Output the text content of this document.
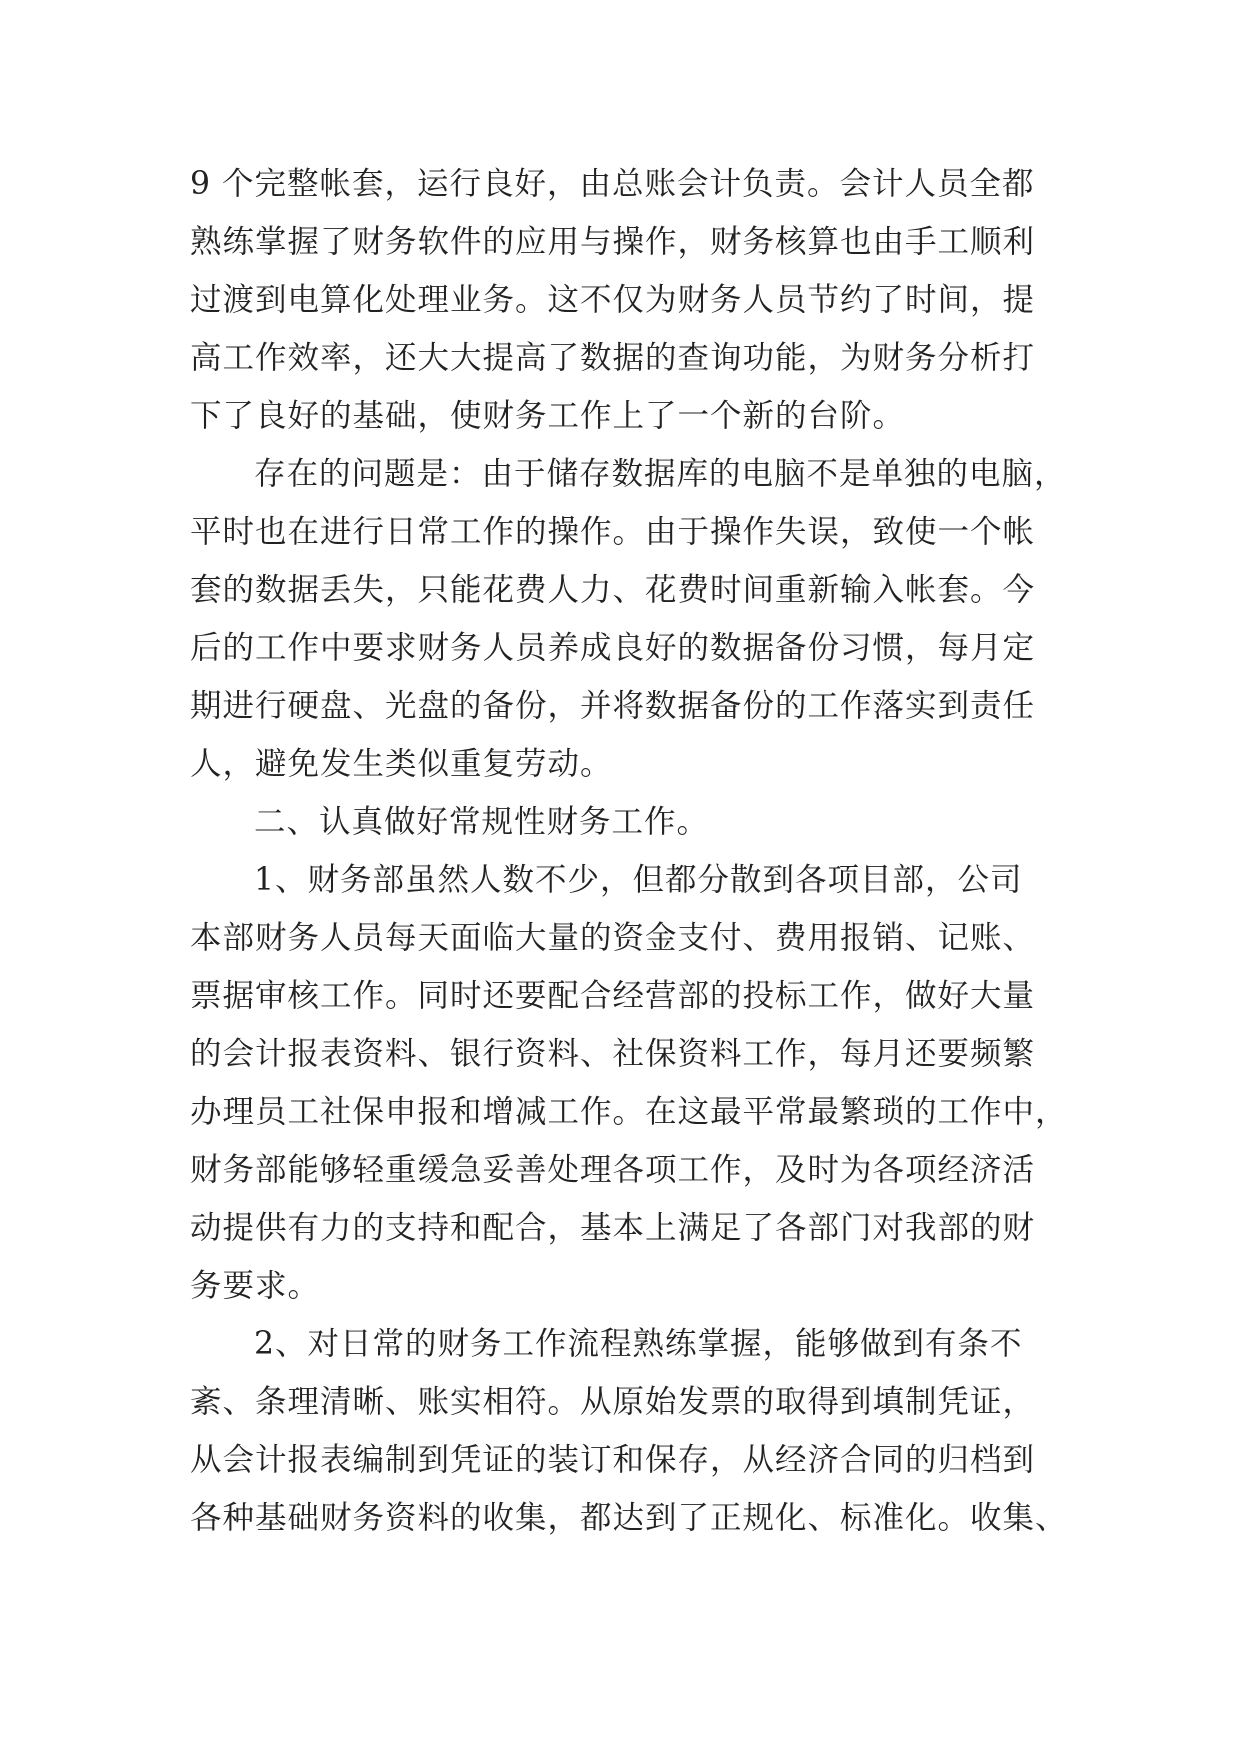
9 个完整帐套，运行良好，由总账会计负责。会计人员全都

熟练掌握了财务软件的应用与操作，财务核算也由手工顺利

过渡到电算化处理业务。这不仅为财务人员节约了时间，提

高工作效率，还大大提高了数据的查询功能，为财务分析打

下了良好的基础，使财务工作上了一个新的台阶。

存在的问题是：由于储存数据库的电脑不是单独的电脑，

平时也在进行日常工作的操作。由于操作失误，致使一个帐

套的数据丢失，只能花费人力、花费时间重新输入帐套。今

后的工作中要求财务人员养成良好的数据备份习惯，每月定

期进行硬盘、光盘的备份，并将数据备份的工作落实到责任

人，避免发生类似重复劳动。

二、认真做好常规性财务工作。

1、财务部虽然人数不少，但都分散到各项目部，公司

本部财务人员每天面临大量的资金支付、费用报销、记账、

票据审核工作。同时还要配合经营部的投标工作，做好大量

的会计报表资料、银行资料、社保资料工作，每月还要频繁

办理员工社保申报和增减工作。在这最平常最繁琐的工作中，

财务部能够轻重缓急妥善处理各项工作，及时为各项经济活

动提供有力的支持和配合，基本上满足了各部门对我部的财

务要求。

2、对日常的财务工作流程熟练掌握，能够做到有条不

紊、条理清晰、账实相符。从原始发票的取得到填制凭证，

从会计报表编制到凭证的装订和保存，从经济合同的归档到

各种基础财务资料的收集，都达到了正规化、标准化。收集、
